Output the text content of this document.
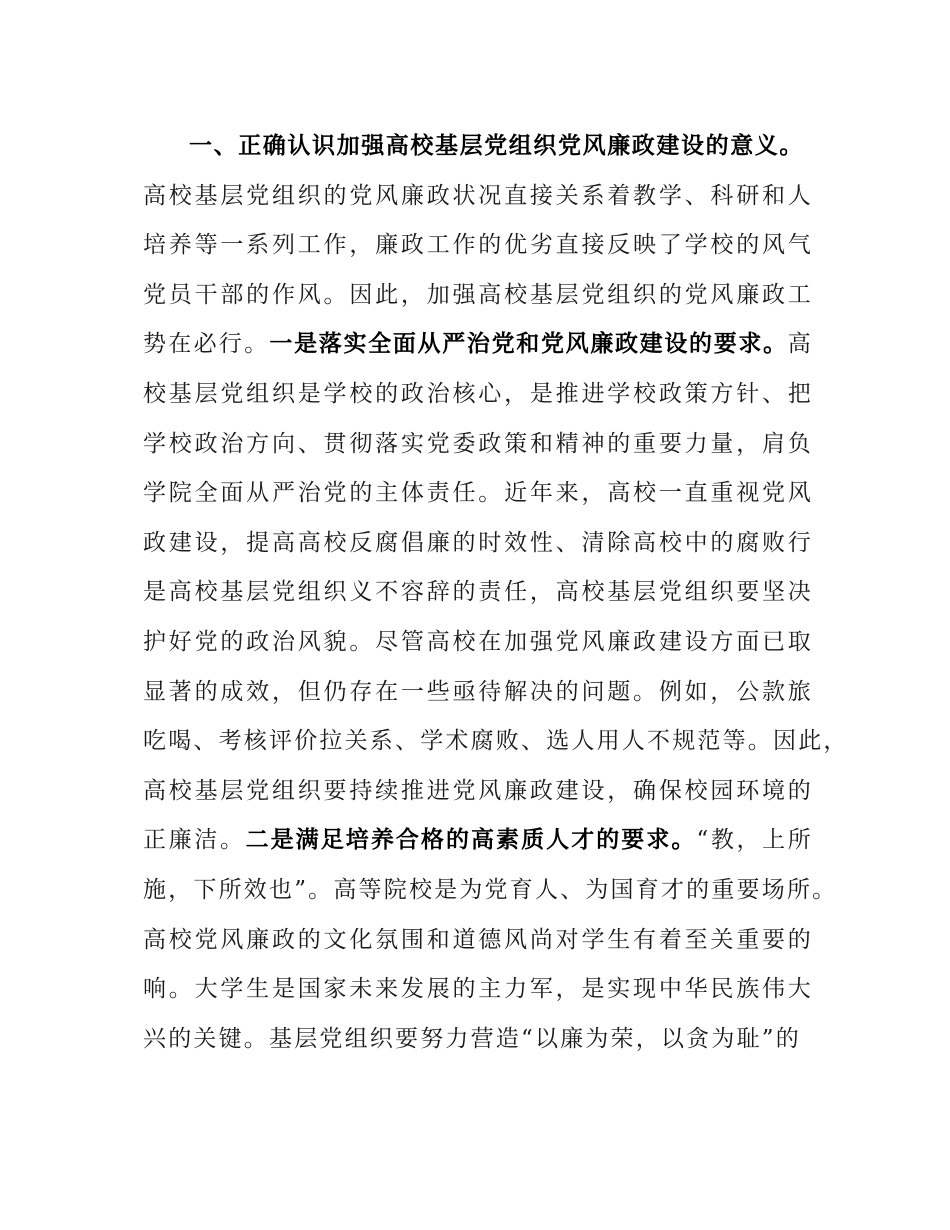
一、正确认识加强高校基层党组织党风廉政建设的意义。
高校基层党组织的党风廉政状况直接关系着教学、科研和人
培养等一系列工作，廉政工作的优劣直接反映了学校的风气
党员干部的作风。因此，加强高校基层党组织的党风廉政工
势在必行。一是落实全面从严治党和党风廉政建设的要求。高
校基层党组织是学校的政治核心，是推进学校政策方针、把
学校政治方向、贯彻落实党委政策和精神的重要力量，肩负
学院全面从严治党的主体责任。近年来，高校一直重视党风
政建设，提高高校反腐倡廉的时效性、清除高校中的腐败行
是高校基层党组织义不容辞的责任，高校基层党组织要坚决
护好党的政治风貌。尽管高校在加强党风廉政建设方面已取
显著的成效，但仍存在一些亟待解决的问题。例如，公款旅
吃喝、考核评价拉关系、学术腐败、选人用人不规范等。因此，
高校基层党组织要持续推进党风廉政建设，确保校园环境的
正廉洁。二是满足培养合格的高素质人才的要求。“教，上所
施，下所效也”。高等院校是为党育人、为国育才的重要场所。
高校党风廉政的文化氛围和道德风尚对学生有着至关重要的
响。大学生是国家未来发展的主力军，是实现中华民族伟大
兴的关键。基层党组织要努力营造“以廉为荣，以贪为耻”的
